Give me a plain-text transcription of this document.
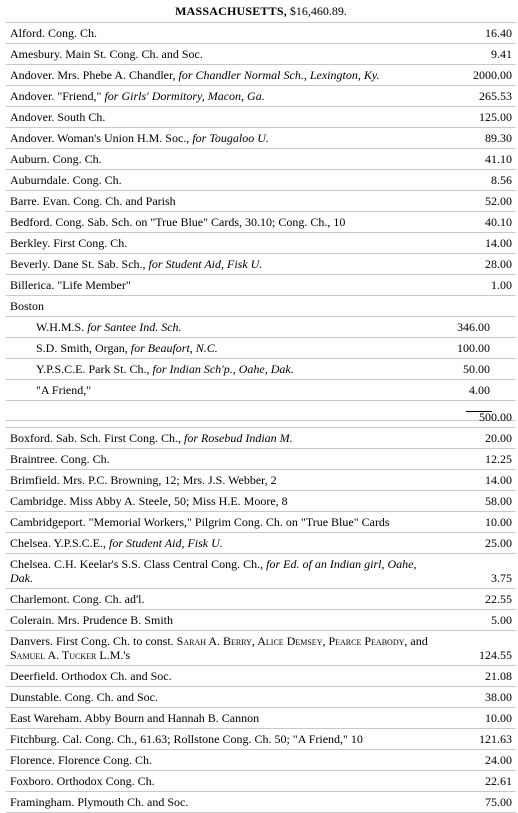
MASSACHUSETTS, $16,460.89.
Alford. Cong. Ch.	16.40
Amesbury. Main St. Cong. Ch. and Soc.	9.41
Andover. Mrs. Phebe A. Chandler, for Chandler Normal Sch., Lexington, Ky.	2000.00
Andover. "Friend," for Girls' Dormitory, Macon, Ga.	265.53
Andover. South Ch.	125.00
Andover. Woman's Union H.M. Soc., for Tougaloo U.	89.30
Auburn. Cong. Ch.	41.10
Auburndale. Cong. Ch.	8.56
Barre. Evan. Cong. Ch. and Parish	52.00
Bedford. Cong. Sab. Sch. on "True Blue" Cards, 30.10; Cong. Ch., 10	40.10
Berkley. First Cong. Ch.	14.00
Beverly. Dane St. Sab. Sch., for Student Aid, Fisk U.	28.00
Billerica. "Life Member"	1.00
Boston
W.H.M.S. for Santee Ind. Sch.	346.00
S.D. Smith, Organ, for Beaufort, N.C.	100.00
Y.P.S.C.E. Park St. Ch., for Indian Sch'p., Oahe, Dak.	50.00
"A Friend,"	4.00
500.00
Boxford. Sab. Sch. First Cong. Ch., for Rosebud Indian M.	20.00
Braintree. Cong. Ch.	12.25
Brimfield. Mrs. P.C. Browning, 12; Mrs. J.S. Webber, 2	14.00
Cambridge. Miss Abby A. Steele, 50; Miss H.E. Moore, 8	58.00
Cambridgeport. "Memorial Workers," Pilgrim Cong. Ch. on "True Blue" Cards	10.00
Chelsea. Y.P.S.C.E., for Student Aid, Fisk U.	25.00
Chelsea. C.H. Keelar's S.S. Class Central Cong. Ch., for Ed. of an Indian girl, Oahe, Dak.	3.75
Charlemont. Cong. Ch. ad'l.	22.55
Colerain. Mrs. Prudence B. Smith	5.00
Danvers. First Cong. Ch. to const. Sarah A. Berry, Alice Demsey, Pearce Peabody, and Samuel A. Tucker L.M.'s	124.55
Deerfield. Orthodox Ch. and Soc.	21.08
Dunstable. Cong. Ch. and Soc.	38.00
East Wareham. Abby Bourn and Hannah B. Cannon	10.00
Fitchburg. Cal. Cong. Ch., 61.63; Rollstone Cong. Ch. 50; "A Friend," 10	121.63
Florence. Florence Cong. Ch.	24.00
Foxboro. Orthodox Cong. Ch.	22.61
Framingham. Plymouth Ch. and Soc.	75.00
